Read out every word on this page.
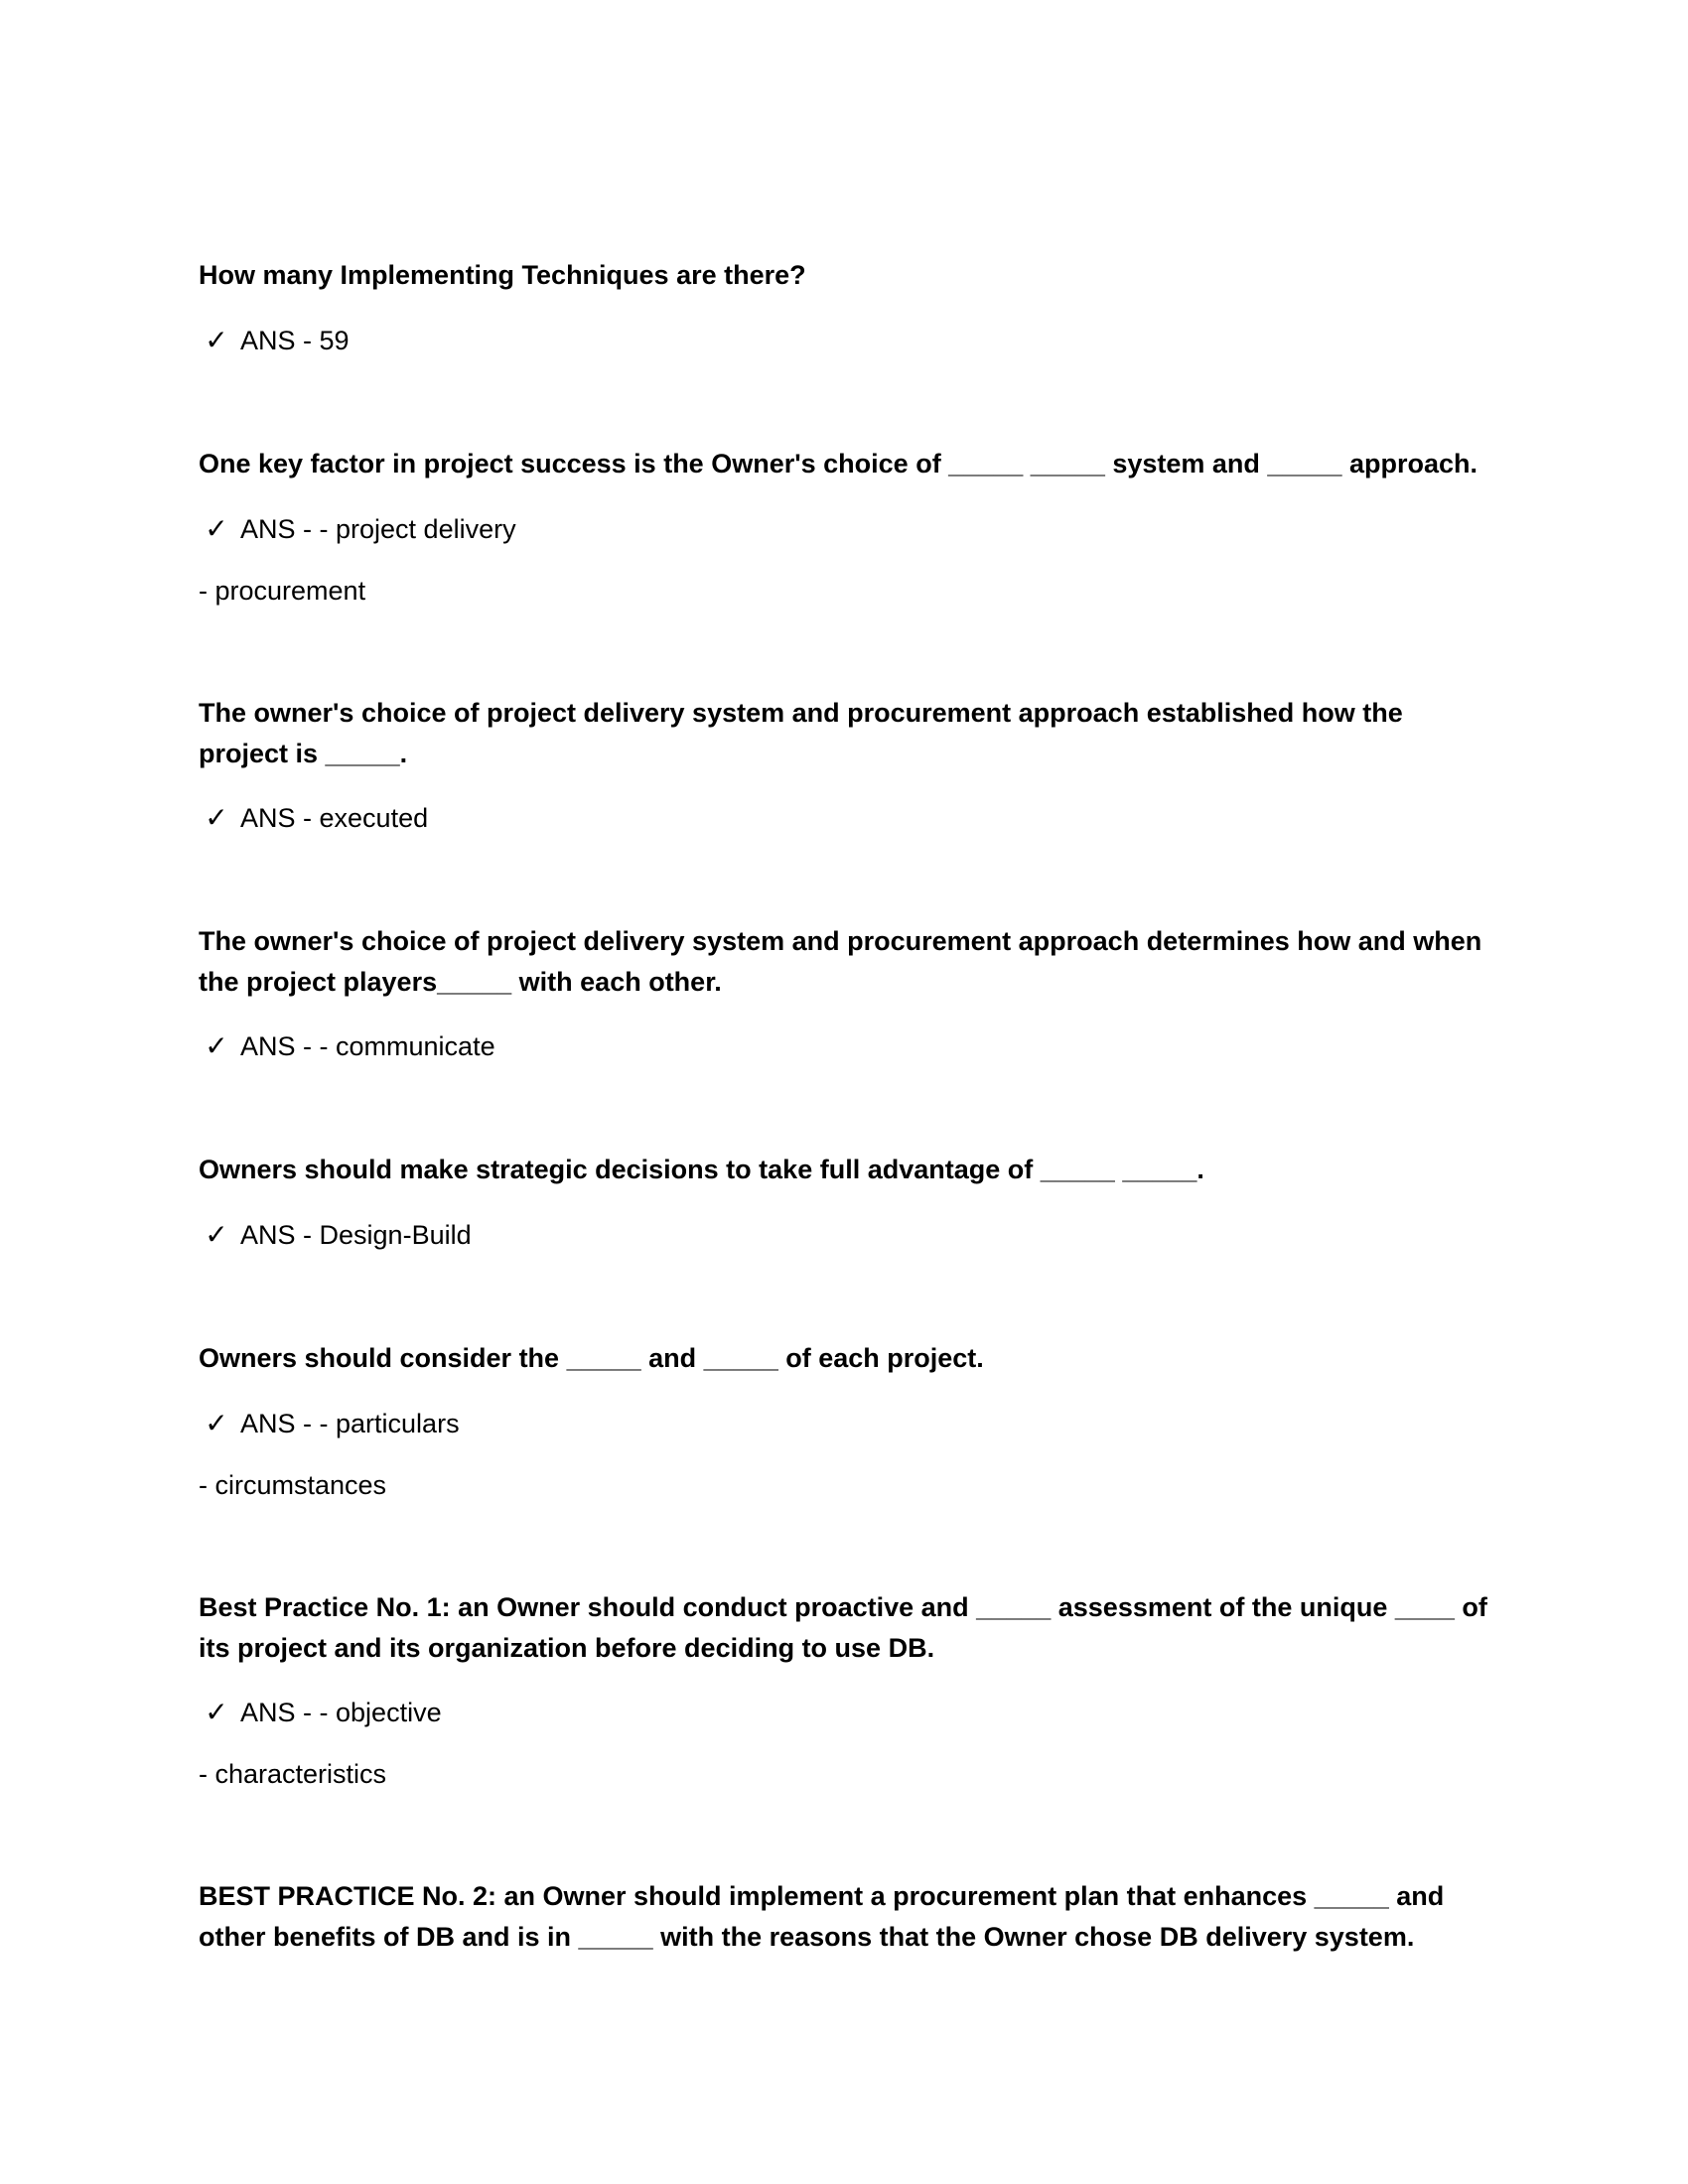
How many Implementing Techniques are there?

✓ ANS - 59

One key factor in project success is the Owner's choice of _____ _____ system and _____ approach.

✓ ANS - - project delivery

- procurement

The owner's choice of project delivery system and procurement approach established how the project is _____.

✓ ANS - executed

The owner's choice of project delivery system and procurement approach determines how and when the project players_____ with each other.

✓ ANS - - communicate

Owners should make strategic decisions to take full advantage of _____ _____.

✓ ANS - Design-Build

Owners should consider the _____ and _____ of each project.

✓ ANS - - particulars

- circumstances

Best Practice No. 1: an Owner should conduct proactive and _____ assessment of the unique ____ of its project and its organization before deciding to use DB.

✓ ANS - - objective

- characteristics

BEST PRACTICE No. 2: an Owner should implement a procurement plan that enhances _____ and other benefits of DB and is in _____ with the reasons that the Owner chose DB delivery system.
